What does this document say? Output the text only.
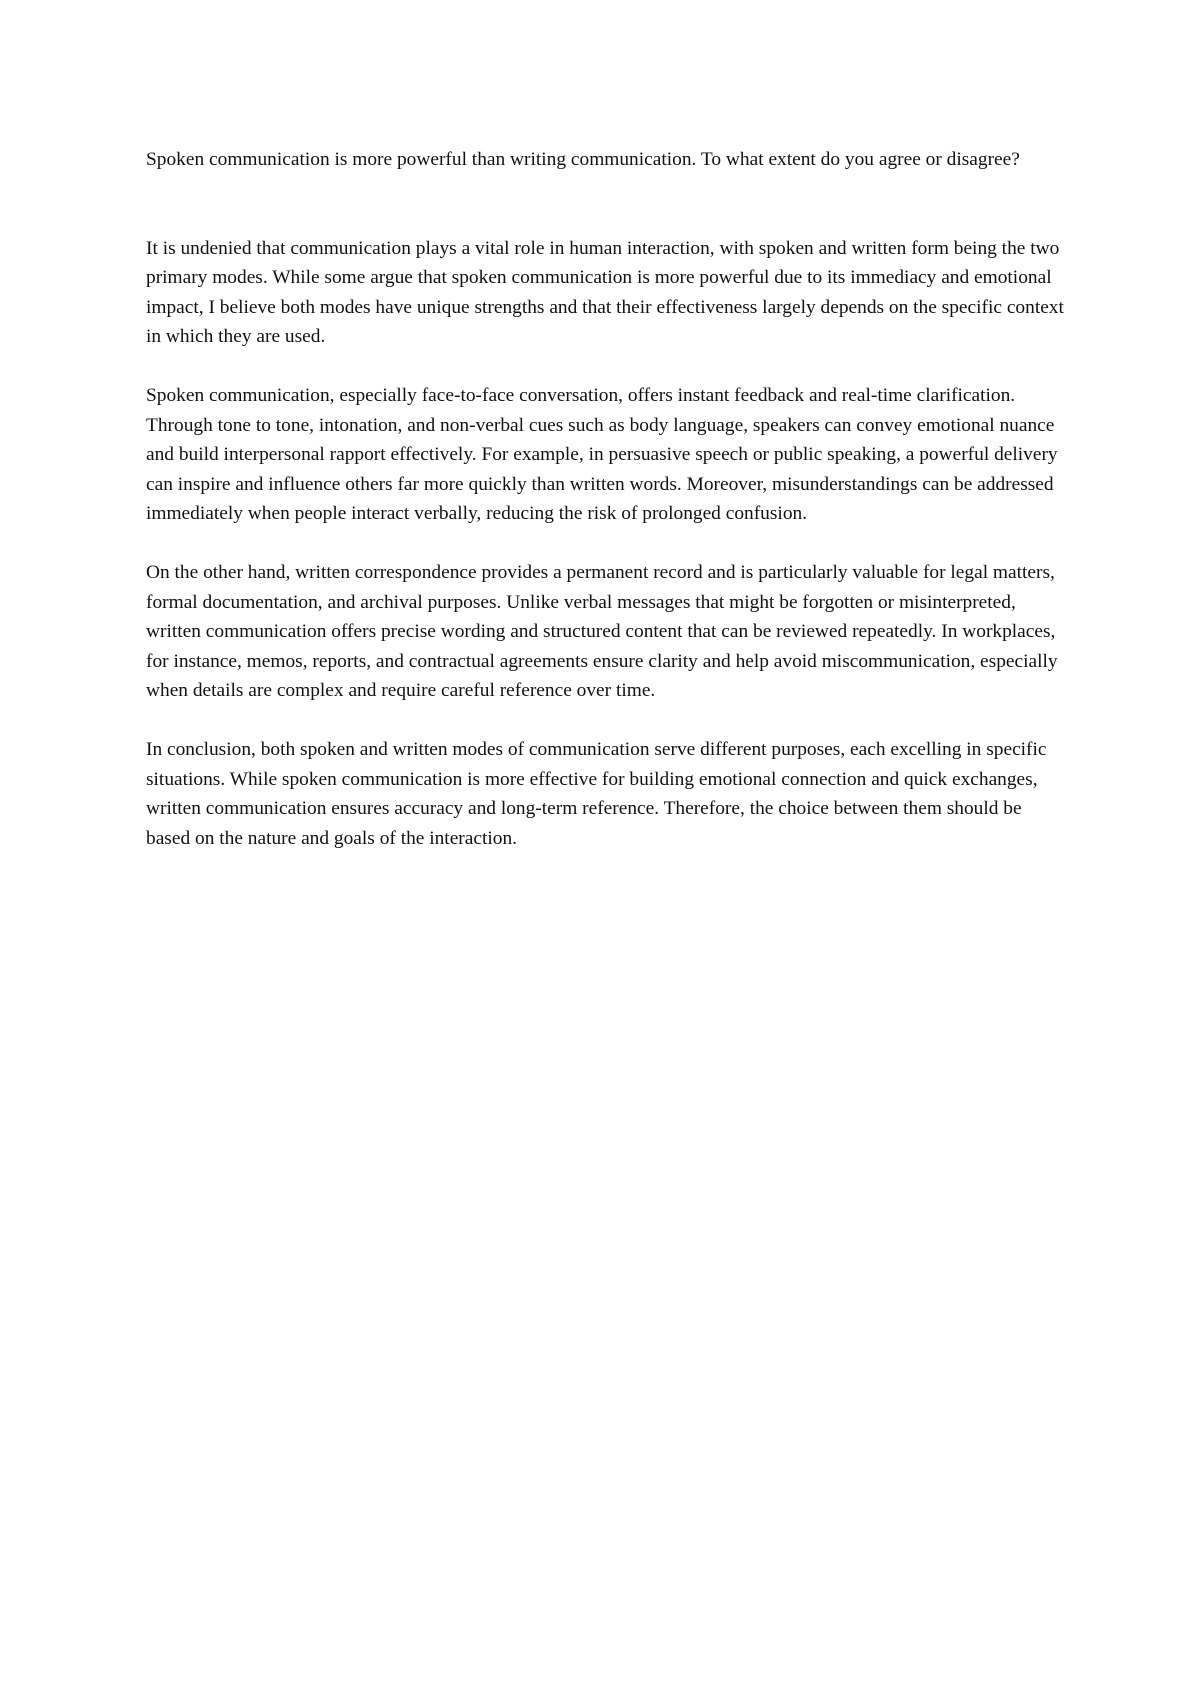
Spoken communication is more powerful than writing communication. To what extent do you agree or disagree?

It is undenied that communication plays a vital role in human interaction, with spoken and written form being the two primary modes. While some argue that spoken communication is more powerful due to its immediacy and emotional impact, I believe both modes have unique strengths and that their effectiveness largely depends on the specific context in which they are used.

Spoken communication, especially face-to-face conversation, offers instant feedback and real-time clarification. Through tone to tone, intonation, and non-verbal cues such as body language, speakers can convey emotional nuance and build interpersonal rapport effectively. For example, in persuasive speech or public speaking, a powerful delivery can inspire and influence others far more quickly than written words. Moreover, misunderstandings can be addressed immediately when people interact verbally, reducing the risk of prolonged confusion.

On the other hand, written correspondence provides a permanent record and is particularly valuable for legal matters, formal documentation, and archival purposes. Unlike verbal messages that might be forgotten or misinterpreted, written communication offers precise wording and structured content that can be reviewed repeatedly. In workplaces, for instance, memos, reports, and contractual agreements ensure clarity and help avoid miscommunication, especially when details are complex and require careful reference over time.

In conclusion, both spoken and written modes of communication serve different purposes, each excelling in specific situations. While spoken communication is more effective for building emotional connection and quick exchanges, written communication ensures accuracy and long-term reference. Therefore, the choice between them should be based on the nature and goals of the interaction.
